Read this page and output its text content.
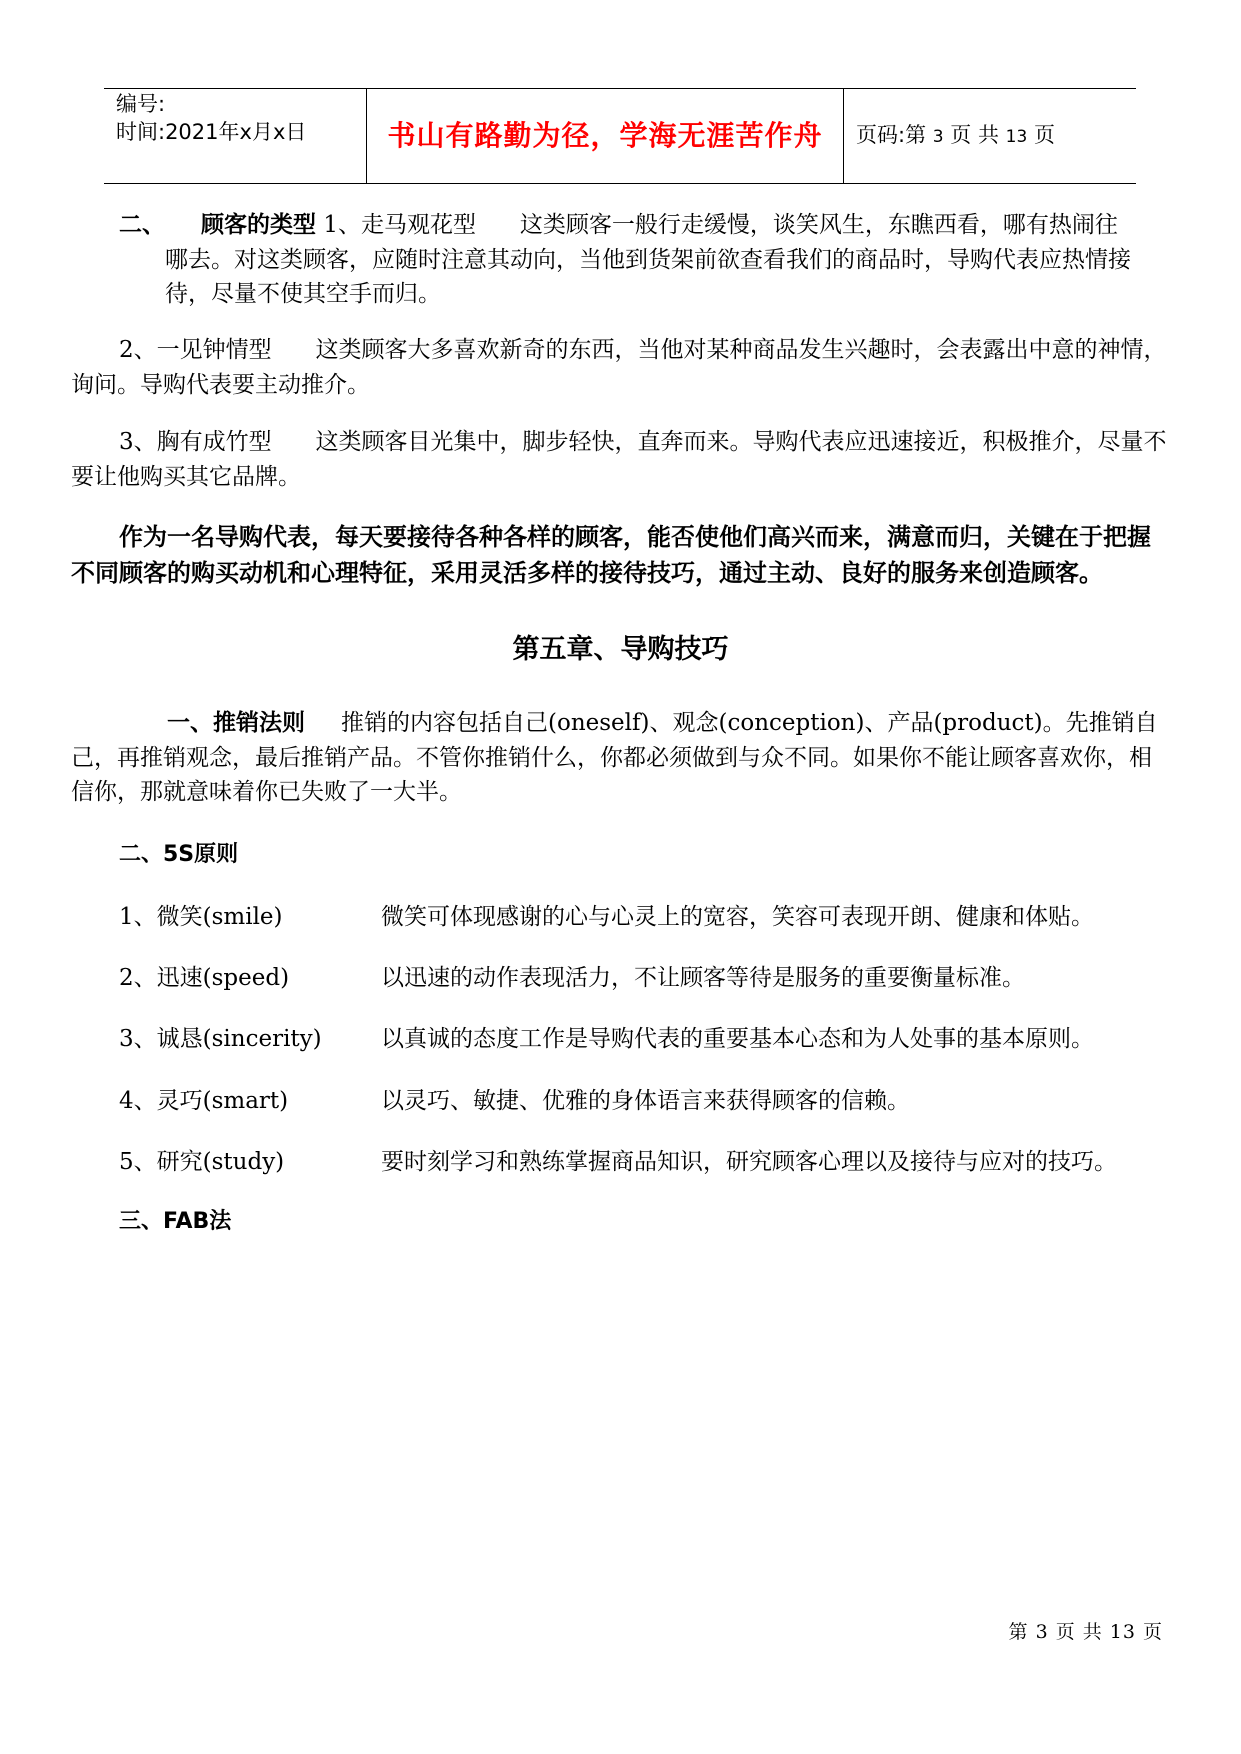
编号:
时间:2021年x月x日	书山有路勤为径，学海无涯苦作舟	页码:第 3 页 共 13 页
二、 顾客的类型 1、走马观花型 这类顾客一般行走缓慢，谈笑风生，东瞧西看，哪有热闹往
哪去。对这类顾客，应随时注意其动向，当他到货架前欲查看我们的商品时，导购代表应热情接待，尽量不使其空手而归。
2、一见钟情型 这类顾客大多喜欢新奇的东西，当他对某种商品发生兴趣时，会表露出中意的神情，询问。导购代表要主动推介。
3、胸有成竹型 这类顾客目光集中，脚步轻快，直奔而来。导购代表应迅速接近，积极推介，尽量不要让他购买其它品牌。
作为一名导购代表，每天要接待各种各样的顾客，能否使他们高兴而来，满意而归，关键在于把握不同顾客的购买动机和心理特征，采用灵活多样的接待技巧，通过主动、良好的服务来创造顾客。
第五章、导购技巧
一、推销法则 推销的内容包括自己(oneself)、观念(conception)、产品(product)。先推销自己，再推销观念，最后推销产品。不管你推销什么，你都必须做到与众不同。如果你不能让顾客喜欢你，相信你，那就意味着你已失败了一大半。
二、5S原则
1、微笑(smile)	微笑可体现感谢的心与心灵上的宽容，笑容可表现开朗、健康和体贴。
2、迅速(speed)	以迅速的动作表现活力，不让顾客等待是服务的重要衡量标准。
3、诚恳(sincerity)	以真诚的态度工作是导购代表的重要基本心态和为人处事的基本原则。
4、灵巧(smart)	以灵巧、敏捷、优雅的身体语言来获得顾客的信赖。
5、研究(study)	要时刻学习和熟练掌握商品知识，研究顾客心理以及接待与应对的技巧。
三、FAB法
第 3 页 共 13 页
